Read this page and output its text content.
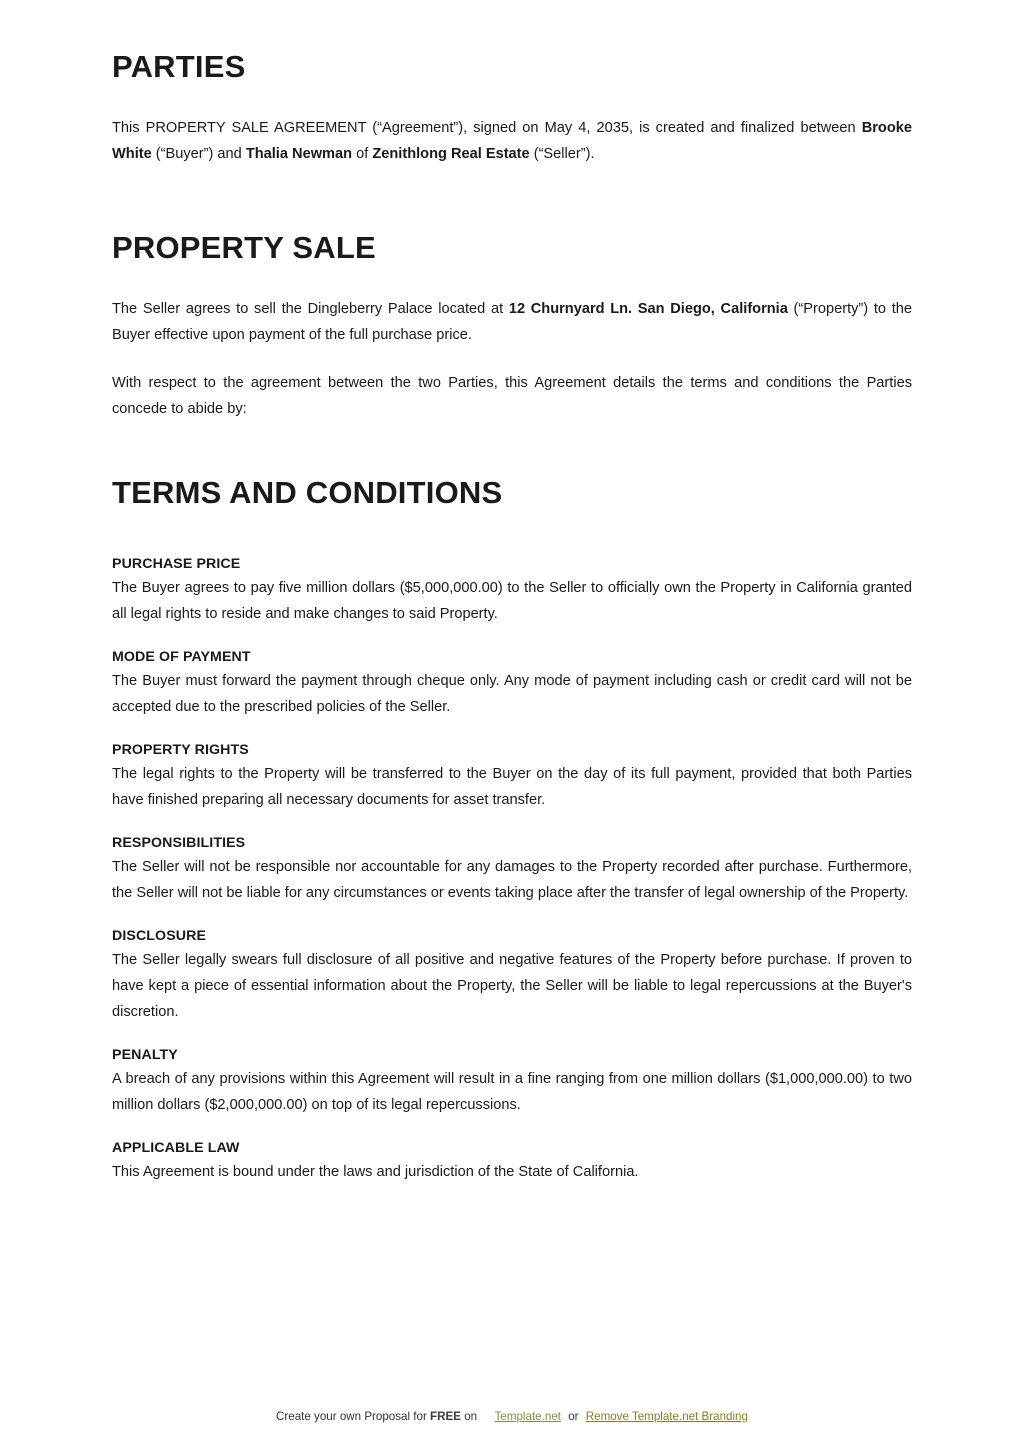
PARTIES

This PROPERTY SALE AGREEMENT (“Agreement”), signed on May 4, 2035, is created and finalized between Brooke White (“Buyer”) and Thalia Newman of Zenithlong Real Estate (“Seller”).

PROPERTY SALE

The Seller agrees to sell the Dingleberry Palace located at 12 Churnyard Ln. San Diego, California (“Property”) to the Buyer effective upon payment of the full purchase price.

With respect to the agreement between the two Parties, this Agreement details the terms and conditions the Parties concede to abide by:

TERMS AND CONDITIONS
PURCHASE PRICE

The Buyer agrees to pay five million dollars ($5,000,000.00) to the Seller to officially own the Property in California granted all legal rights to reside and make changes to said Property.

MODE OF PAYMENT

The Buyer must forward the payment through cheque only. Any mode of payment including cash or credit card will not be accepted due to the prescribed policies of the Seller.

PROPERTY RIGHTS

The legal rights to the Property will be transferred to the Buyer on the day of its full payment, provided that both Parties have finished preparing all necessary documents for asset transfer.

RESPONSIBILITIES

The Seller will not be responsible nor accountable for any damages to the Property recorded after purchase. Furthermore, the Seller will not be liable for any circumstances or events taking place after the transfer of legal ownership of the Property.

DISCLOSURE

The Seller legally swears full disclosure of all positive and negative features of the Property before purchase. If proven to have kept a piece of essential information about the Property, the Seller will be liable to legal repercussions at the Buyer's discretion.

PENALTY

A breach of any provisions within this Agreement will result in a fine ranging from one million dollars ($1,000,000.00) to two million dollars ($2,000,000.00) on top of its legal repercussions.

APPLICABLE LAW

This Agreement is bound under the laws and jurisdiction of the State of California.

Create your own Proposal for FREE on Template.net or Remove Template.net Branding
